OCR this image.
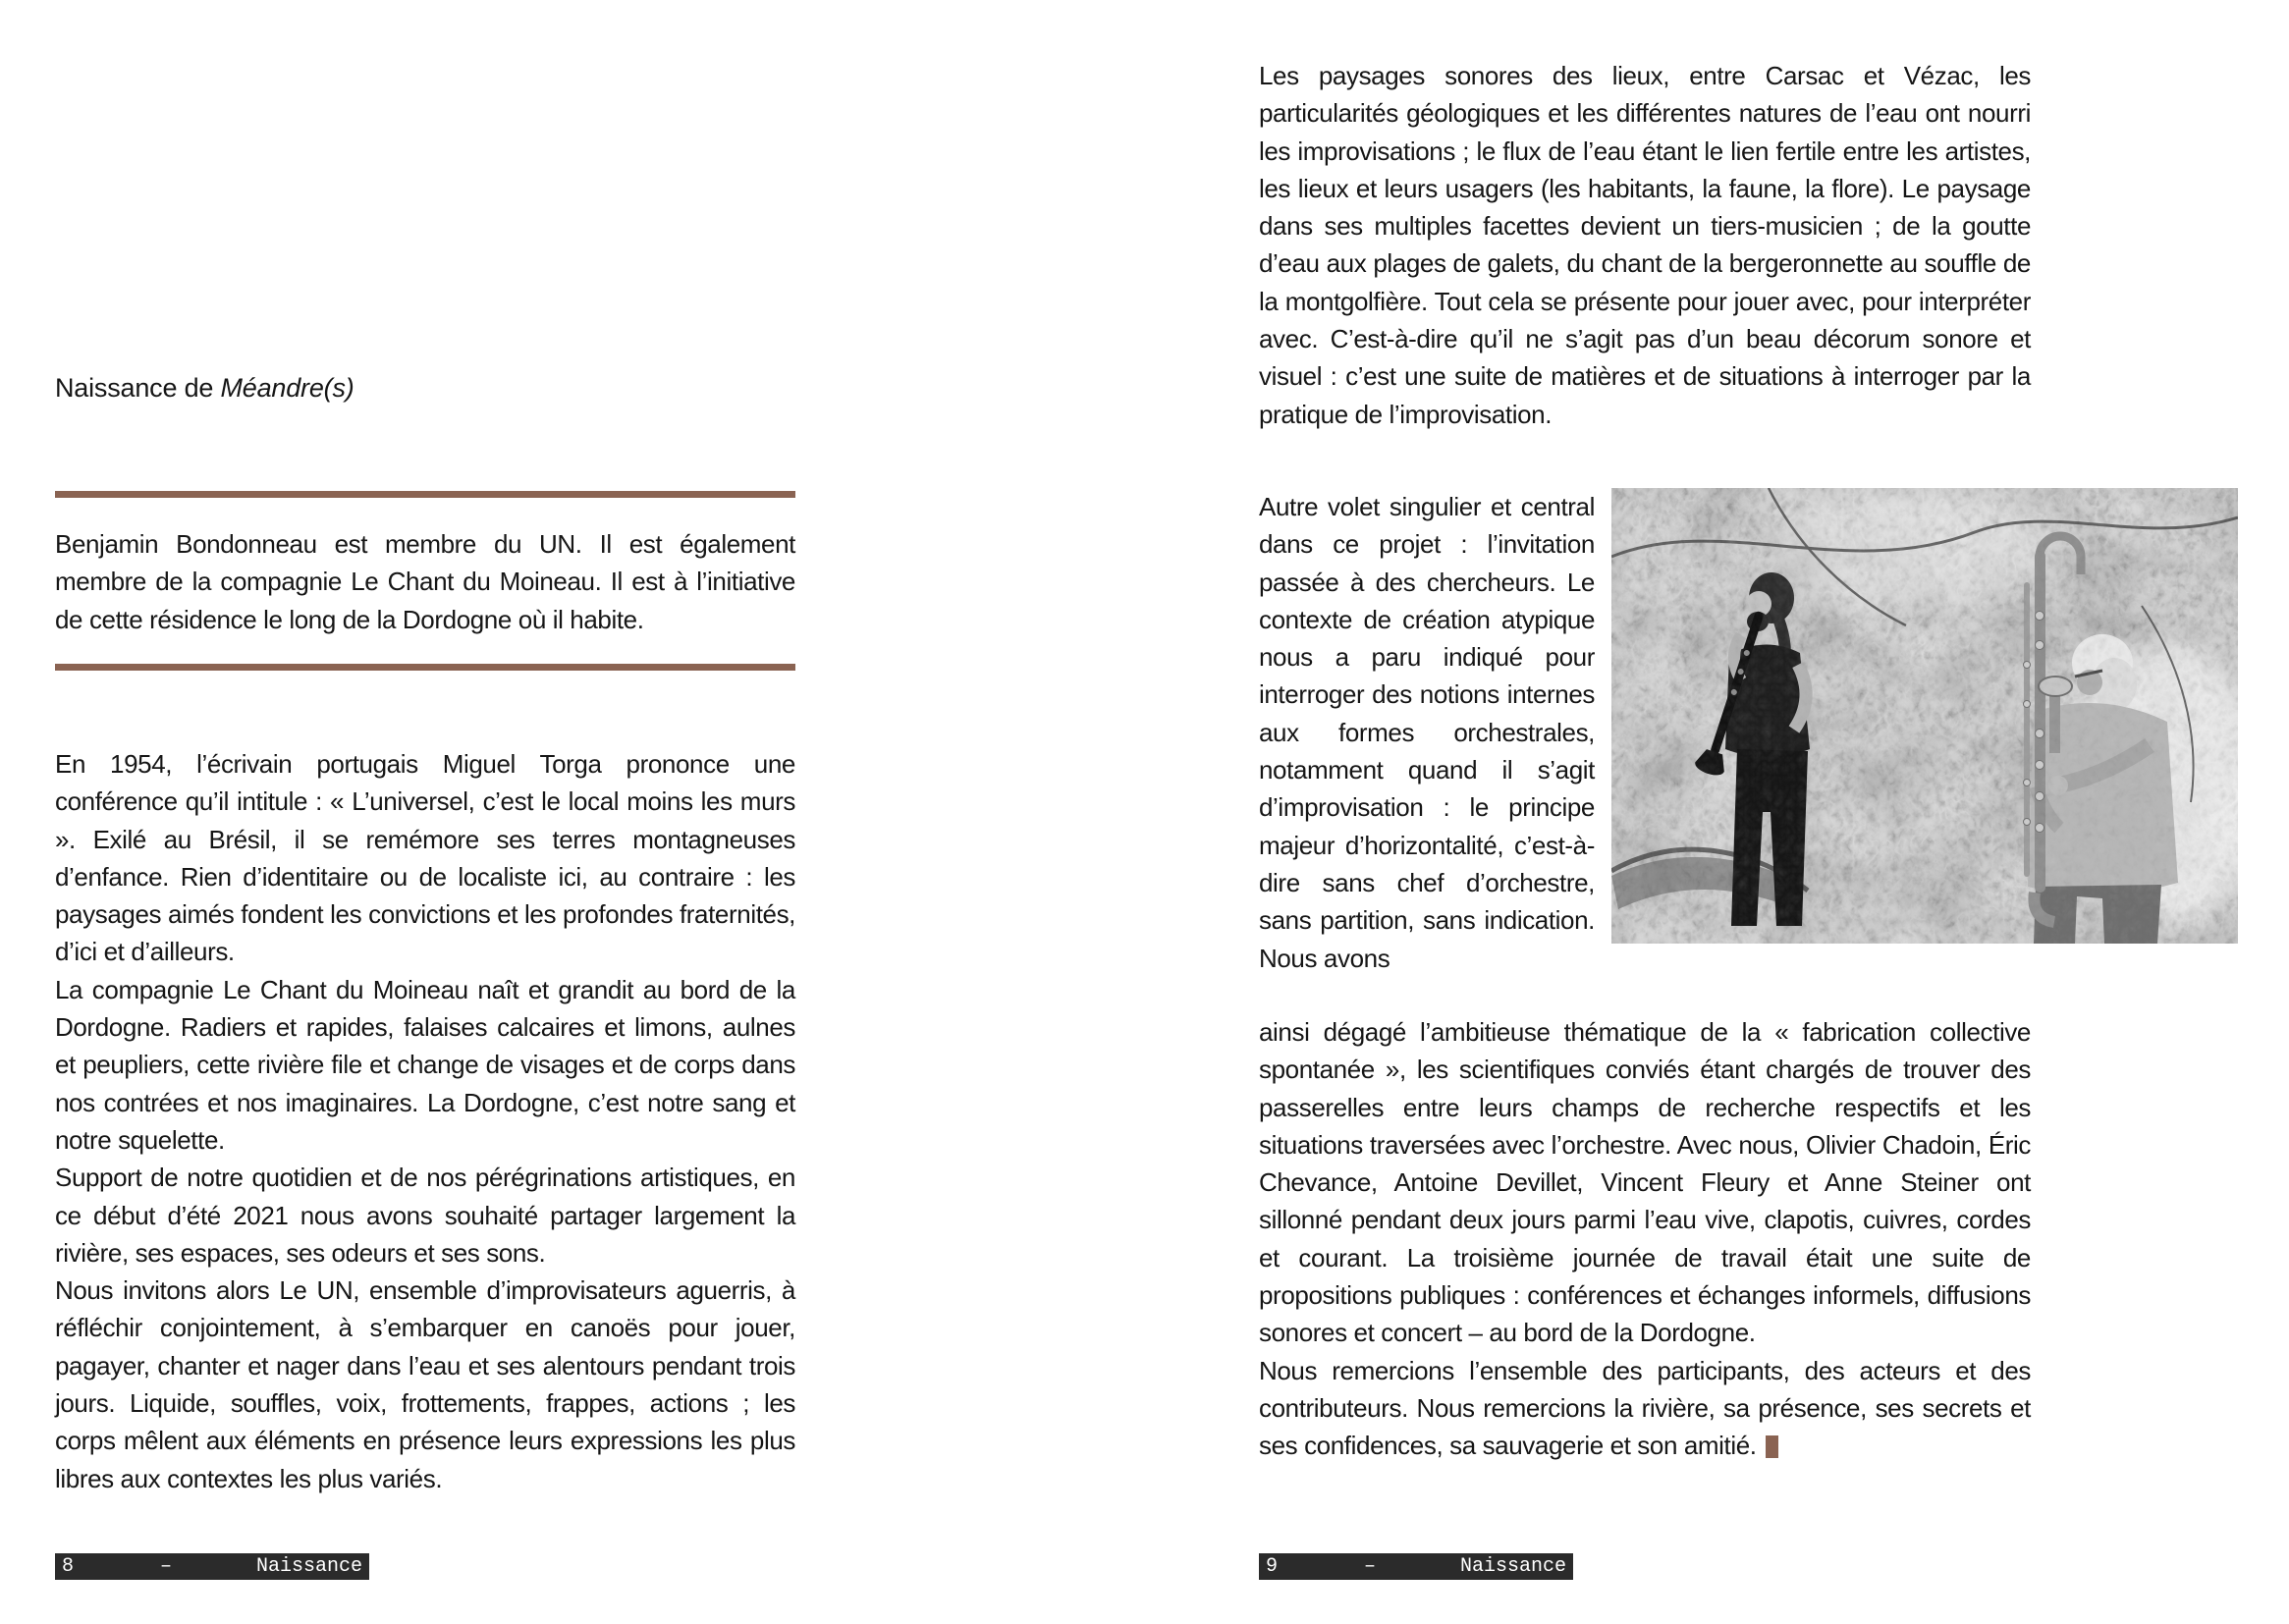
Naissance de Méandre(s)

Benjamin Bondonneau est membre du UN. Il est également membre de la compagnie Le Chant du Moineau. Il est à l’initiative de cette résidence le long de la Dordogne où il habite.

En 1954, l’écrivain portugais Miguel Torga prononce une conférence qu’il intitule : « L’universel, c’est le local moins les murs ». Exilé au Brésil, il se remémore ses terres montagneuses d’enfance. Rien d’identitaire ou de localiste ici, au contraire : les paysages aimés fondent les convictions et les profondes fraternités, d’ici et d’ailleurs.

La compagnie Le Chant du Moineau naît et grandit au bord de la Dordogne. Radiers et rapides, falaises calcaires et limons, aulnes et peupliers, cette rivière file et change de visages et de corps dans nos contrées et nos imaginaires. La Dordogne, c’est notre sang et notre squelette.

Support de notre quotidien et de nos pérégrinations artistiques, en ce début d’été 2021 nous avons souhaité partager largement la rivière, ses espaces, ses odeurs et ses sons.

Nous invitons alors Le UN, ensemble d’improvisateurs aguerris, à réfléchir conjointement, à s’embarquer en canoës pour jouer, pagayer, chanter et nager dans l’eau et ses alentours pendant trois jours. Liquide, souffles, voix, frottements, frappes, actions ; les corps mêlent aux éléments en présence leurs expressions les plus libres aux contextes les plus variés.

8	–	Naissance

Les paysages sonores des lieux, entre Carsac et Vézac, les particularités géologiques et les différentes natures de l’eau ont nourri les improvisations ; le flux de l’eau étant le lien fertile entre les artistes, les lieux et leurs usagers (les habitants, la faune, la flore). Le paysage dans ses multiples facettes devient un tiers-musicien ; de la goutte d’eau aux plages de galets, du chant de la bergeronnette au souffle de la montgolfière. Tout cela se présente pour jouer avec, pour interpréter avec. C’est-à-dire qu’il ne s’agit pas d’un beau décorum sonore et visuel : c’est une suite de matières et de situations à interroger par la pratique de l’improvisation.

Autre volet singulier et central dans ce projet : l’invitation passée à des chercheurs. Le contexte de création atypique nous a paru indiqué pour interroger des notions internes aux formes orchestrales, notamment quand il s’agit d’improvisation : le principe majeur d’horizontalité, c’est-à-dire sans chef d’orchestre, sans partition, sans indication. Nous avons

ainsi dégagé l’ambitieuse thématique de la « fabrication collective spontanée », les scientifiques conviés étant chargés de trouver des passerelles entre leurs champs de recherche respectifs et les situations traversées avec l’orchestre. Avec nous, Olivier Chadoin, Éric Chevance, Antoine Devillet, Vincent Fleury et Anne Steiner ont sillonné pendant deux jours parmi l’eau vive, clapotis, cuivres, cordes et courant. La troisième journée de travail était une suite de propositions publiques : conférences et échanges informels, diffusions sonores et concert – au bord de la Dordogne.

Nous remercions l’ensemble des participants, des acteurs et des contributeurs. Nous remercions la rivière, sa présence, ses secrets et ses confidences, sa sauvagerie et son amitié.

9	–	Naissance
